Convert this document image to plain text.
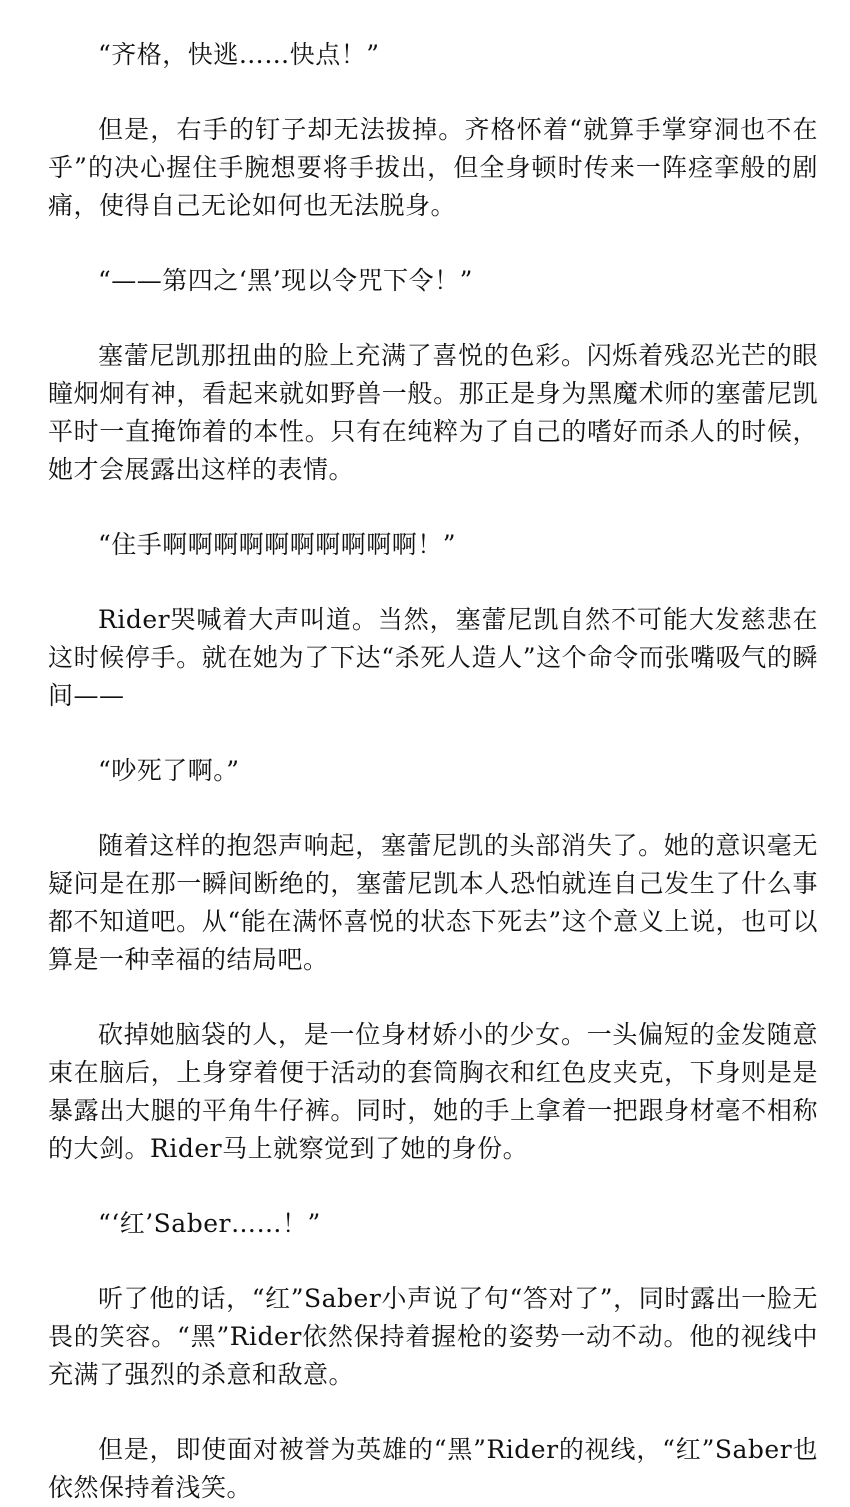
“齐格，快逃……快点！”

但是，右手的钉子却无法拔掉。齐格怀着“就算手掌穿洞也不在乎”的决心握住手腕想要将手拔出，但全身顿时传来一阵痉挛般的剧痛，使得自己无论如何也无法脱身。

“——第四之‘黑’现以令咒下令！”

塞蕾尼凯那扭曲的脸上充满了喜悦的色彩。闪烁着残忍光芒的眼瞳炯炯有神，看起来就如野兽一般。那正是身为黑魔术师的塞蕾尼凯平时一直掩饰着的本性。只有在纯粹为了自己的嗜好而杀人的时候，她才会展露出这样的表情。

“住手啊啊啊啊啊啊啊啊啊啊！”

Rider哭喊着大声叫道。当然，塞蕾尼凯自然不可能大发慈悲在这时候停手。就在她为了下达“杀死人造人”这个命令而张嘴吸气的瞬间——

“吵死了啊。”

随着这样的抱怨声响起，塞蕾尼凯的头部消失了。她的意识毫无疑问是在那一瞬间断绝的，塞蕾尼凯本人恐怕就连自己发生了什么事都不知道吧。从“能在满怀喜悦的状态下死去”这个意义上说，也可以算是一种幸福的结局吧。

砍掉她脑袋的人，是一位身材娇小的少女。一头偏短的金发随意束在脑后，上身穿着便于活动的套筒胸衣和红色皮夹克，下身则是是暴露出大腿的平角牛仔裤。同时，她的手上拿着一把跟身材毫不相称的大剑。Rider马上就察觉到了她的身份。

“‘红’Saber……！”

听了他的话，“红”Saber小声说了句“答对了”，同时露出一脸无畏的笑容。“黑”Rider依然保持着握枪的姿势一动不动。他的视线中充满了强烈的杀意和敌意。

但是，即使面对被誉为英雄的“黑”Rider的视线，“红”Saber也依然保持着浅笑。
